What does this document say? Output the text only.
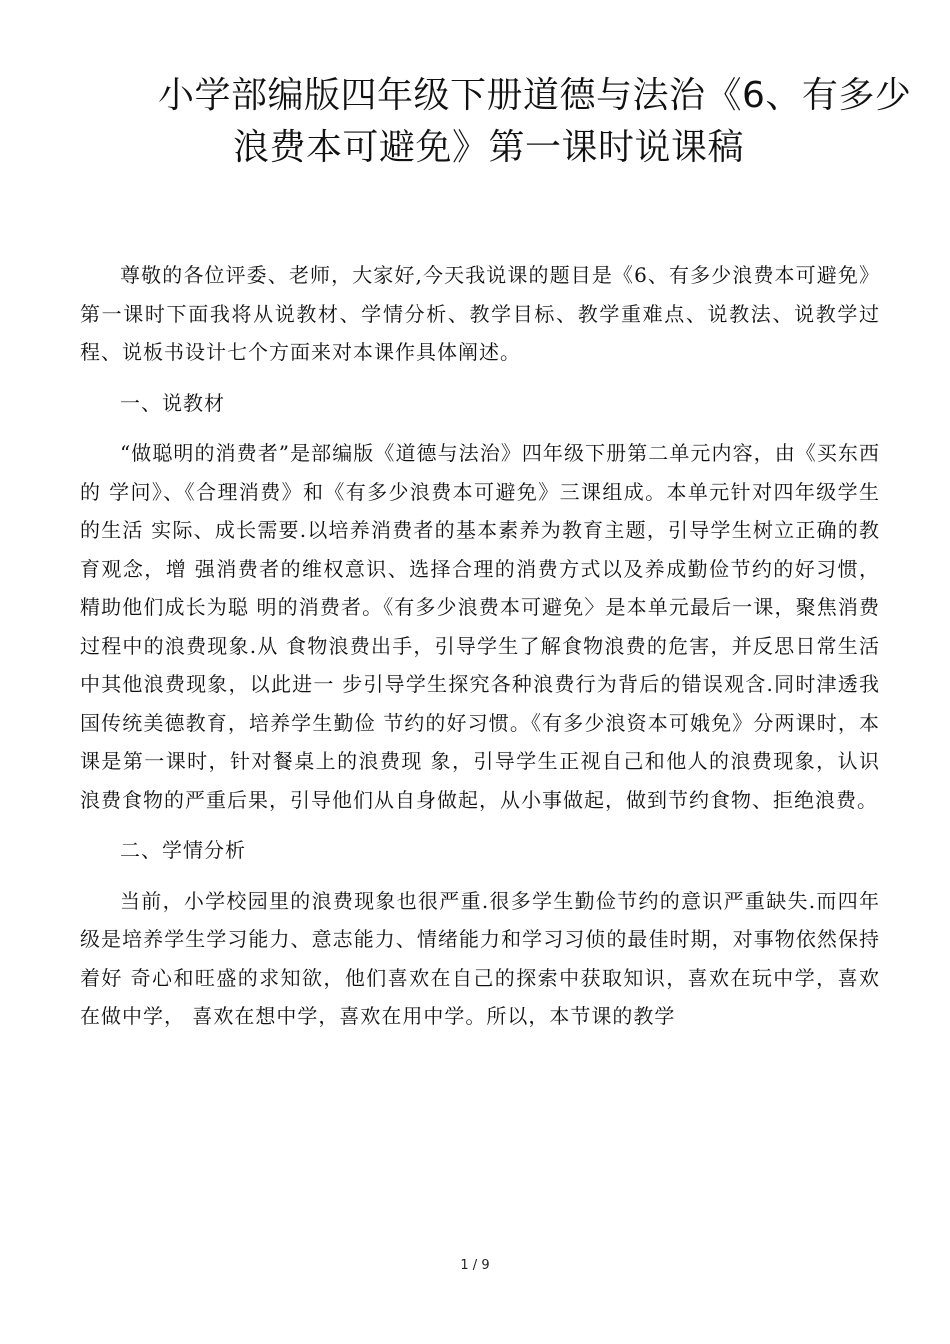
小学部编版四年级下册道德与法治《6、有多少
浪费本可避免》第一课时说课稿

尊敬的各位评委、老师，大家好,今天我说课的题目是《6、有多少浪费本可避免》第一课时下面我将从说教材、学情分析、教学目标、教学重难点、说教法、说教学过程、说板书设计七个方面来对本课作具体阐述。

一、说教材

“做聪明的消费者”是部编版《道德与法治》四年级下册第二单元内容，由《买东西的 学问》、《合理消费》和《有多少浪费本可避免》三课组成。本单元针对四年级学生的生活 实际、成长需要.以培养消费者的基本素养为教育主题，引导学生树立正确的教育观念，增 强消费者的维权意识、选择合理的消费方式以及养成勤俭节约的好习惯，精助他们成长为聪 明的消费者。《有多少浪费本可避免〉是本单元最后一课，聚焦消费过程中的浪费现象.从 食物浪费出手，引导学生了解食物浪费的危害，并反思日常生活中其他浪费现象，以此进一 步引导学生探究各种浪费行为背后的错误观含.同时津透我国传统美德教育，培养学生勤俭 节约的好习惯。《有多少浪资本可娥免》分两课时，本课是第一课时，针对餐桌上的浪费现 象，引导学生正视自己和他人的浪费现象，认识浪费食物的严重后果，引导他们从自身做起，从小事做起，做到节约食物、拒绝浪费。

二、学情分析

当前，小学校园里的浪费现象也很严重.很多学生勤俭节约的意识严重缺失.而四年 级是培养学生学习能力、意志能力、情绪能力和学习习侦的最佳时期，对事物依然保持着好 奇心和旺盛的求知欲，他们喜欢在自己的探索中获取知识，喜欢在玩中学，喜欢在做中学， 喜欢在想中学，喜欢在用中学。所以，本节课的教学

1 / 9
